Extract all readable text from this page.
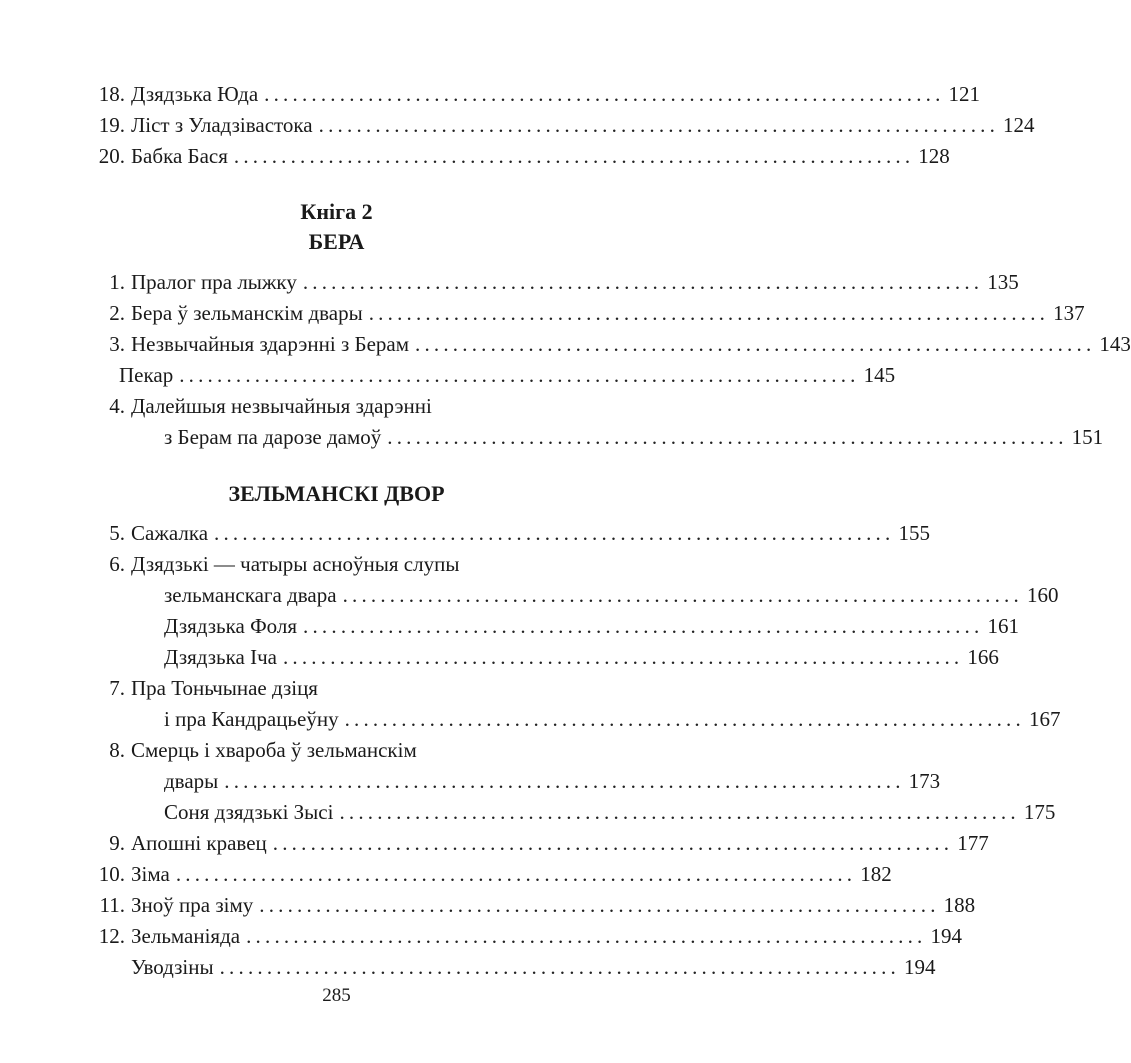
18. Дзядзька Юда ........................................................................ 121
19. Ліст з Уладзівастока ........................................................................ 124
20. Бабка Бася ........................................................................ 128
Кніга 2
БЕРА
1. Пралог пра лыжку ........................................................................ 135
2. Бера ў зельманскім двары ........................................................................ 137
3. Незвычайныя здарэнні з Берам ........................................................................ 143
Пекар ........................................................................ 145
4. Далейшыя незвычайныя здарэнні
з Берам па дарозе дамоў ........................................................................ 151
ЗЕЛЬМАНСКІ ДВОР
5. Сажалка ........................................................................ 155
6. Дзядзькі — чатыры асноўныя слупы
зельманскага двара ........................................................................ 160
Дзядзька Фоля ........................................................................ 161
Дзядзька Іча ........................................................................ 166
7. Пра Тоньчынае дзіця
і пра Кандрацьеўну ........................................................................ 167
8. Смерць і хвароба ў зельманскім
двары ........................................................................ 173
Соня дзядзькі Зысі ........................................................................ 175
9. Апошні кравец ........................................................................ 177
10. Зіма ........................................................................ 182
11. Зноў пра зіму ........................................................................ 188
12. Зельманіяда ........................................................................ 194
Уводзіны ........................................................................ 194
285
